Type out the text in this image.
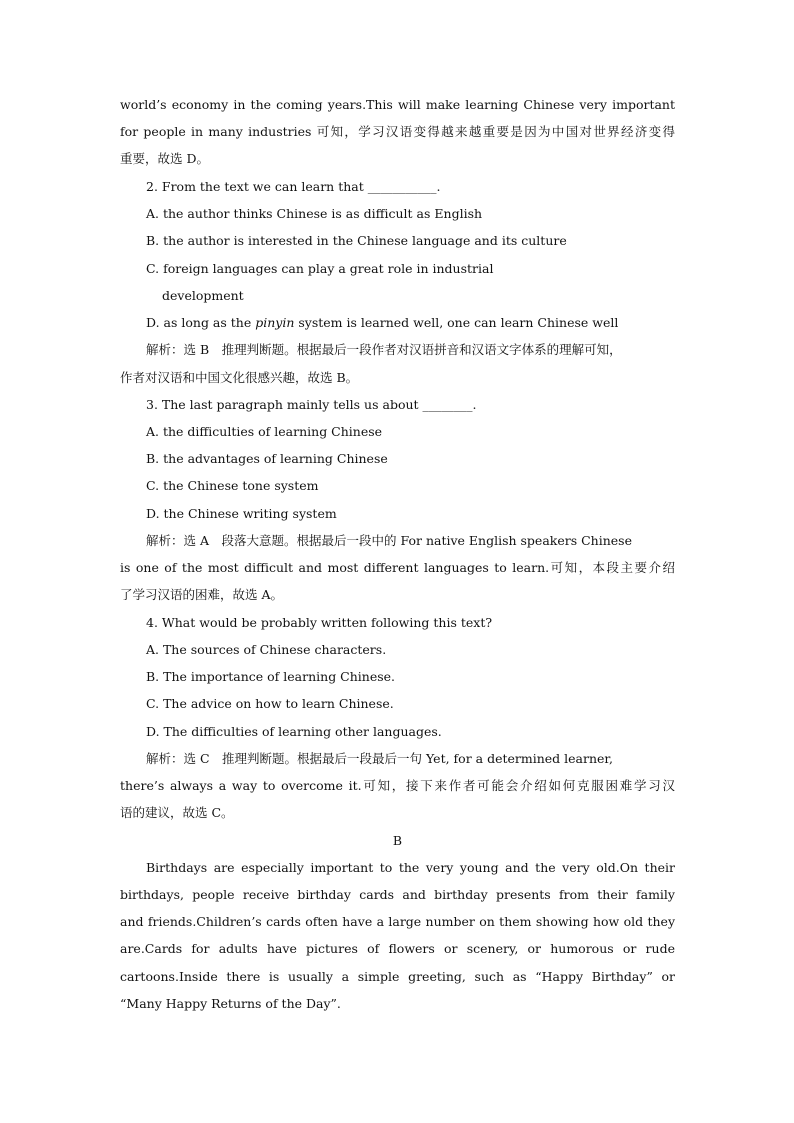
world’s economy in the coming years.This will make learning Chinese very important
for people in many industries 可知，学习汉语变得越来越重要是因为中国对世界经济变得
重要，故选 D。
2. From the text we can learn that ___________.
A. the author thinks Chinese is as difficult as English
B. the author is interested in the Chinese language and its culture
C. foreign languages can play a great role in industrial
development
D. as long as the pinyin system is learned well, one can learn Chinese well
解析：选 B　推理判断题。根据最后一段作者对汉语拼音和汉语文字体系的理解可知，
作者对汉语和中国文化很感兴趣，故选 B。
3. The last paragraph mainly tells us about ________.
A. the difficulties of learning Chinese
B. the advantages of learning Chinese
C. the Chinese tone system
D. the Chinese writing system
解析：选 A　段落大意题。根据最后一段中的 For native English speakers Chinese
is one of the most difficult and most different languages to learn.可知，本段主要介绍
了学习汉语的困难，故选 A。
4. What would be probably written following this text?
A. The sources of Chinese characters.
B. The importance of learning Chinese.
C. The advice on how to learn Chinese.
D. The difficulties of learning other languages.
解析：选 C　推理判断题。根据最后一段最后一句 Yet, for a determined learner,
there’s always a way to overcome it.可知，接下来作者可能会介绍如何克服困难学习汉
语的建议，故选 C。
B
Birthdays are especially important to the very young and the very old.On their
birthdays, people receive birthday cards and birthday presents from their family
and friends.Children’s cards often have a large number on them showing how old they
are.Cards for adults have pictures of flowers or scenery, or humorous or rude
cartoons.Inside there is usually a simple greeting, such as “Happy Birthday” or
“Many Happy Returns of the Day”.
